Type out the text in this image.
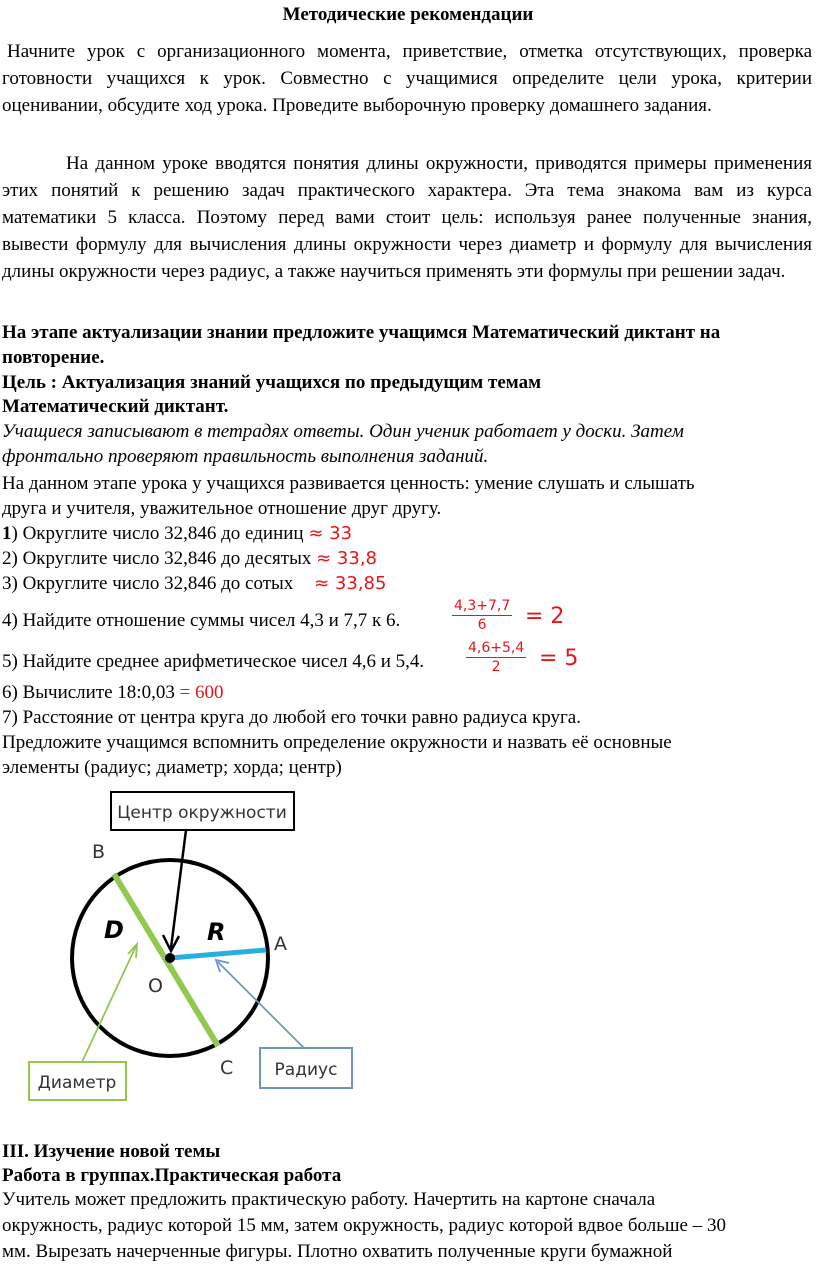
Методические рекомендации
Начните урок с организационного момента, приветствие, отметка отсутствующих, проверка готовности учащихся к урок. Совместно с учащимися определите цели урока, критерии оценивании, обсудите ход урока. Проведите выборочную проверку домашнего задания.
На данном уроке вводятся понятия длины окружности, приводятся примеры применения этих понятий к решению задач практического характера. Эта тема знакома вам из курса математики 5 класса. Поэтому перед вами стоит цель: используя ранее полученные знания, вывести формулу для вычисления длины окружности через диаметр и формулу для вычисления длины окружности через радиус, а также научиться применять эти формулы при решении задач.
На этапе актуализации знании предложите учащимся Математический диктант на
повторение.
Цель : Актуализация знаний учащихся по предыдущим темам
Математический диктант.
Учащиеся записывают в тетрадях ответы. Один ученик работает у доски. Затем
фронтально проверяют правильность выполнения заданий.
На данном этапе урока у учащихся развивается ценность: умение слушать и слышать
друга и учителя, уважительное отношение друг другу.
1) Округлите число 32,846 до единиц ≈ 33
2) Округлите число 32,846 до десятых ≈ 33,8
3) Округлите число 32,846 до сотых ≈ 33,85
4) Найдите отношение суммы чисел 4,3 и 7,7 к 6.	$\frac{4,3+7,7}{6} = 2$
5) Найдите среднее арифметическое чисел 4,6 и 5,4.	$\frac{4,6+5,4}{2} = 5$
6) Вычислите 18:0,03 = 600
7) Расстояние от центра круга до любой его точки равно радиуса круга.
Предложите учащимся вспомнить определение окружности и назвать её основные
элементы (радиус; диаметр; хорда; центр)
Центр окружности
B
A
C
O
D	R
Диаметр
Радиус
III. Изучение новой темы
Работа в группах.Практическая работа
Учитель может предложить практическую работу. Начертить на картоне сначала
окружность, радиус которой 15 мм, затем окружность, радиус которой вдвое больше – 30
мм. Вырезать начерченные фигуры. Плотно охватить полученные круги бумажной
